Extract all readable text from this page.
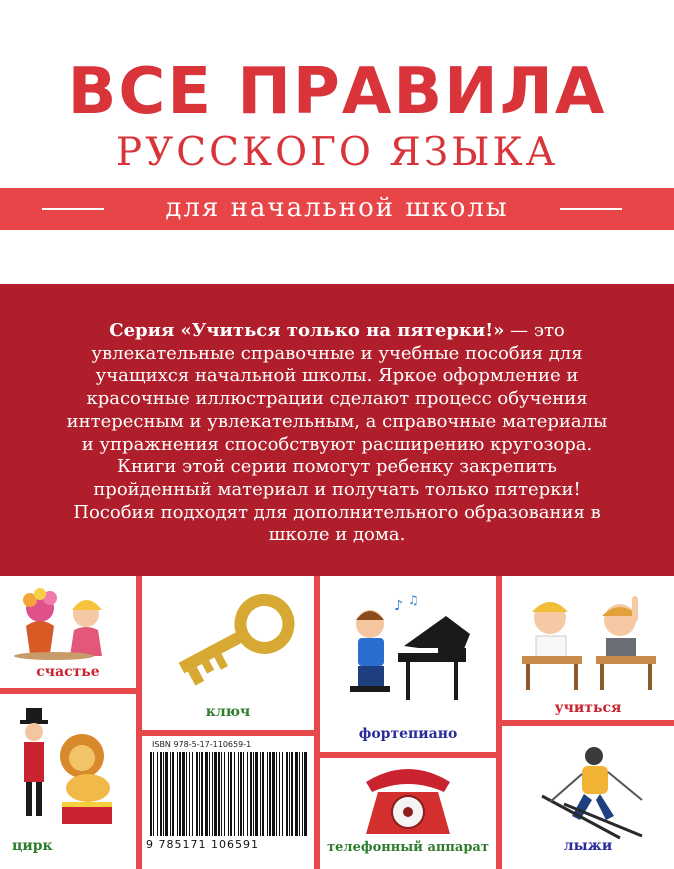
ВСЕ ПРАВИЛА
РУССКОГО ЯЗЫКА
для начальной школы
Серия «Учиться только на пятерки!» — это увлекательные справочные и учебные пособия для учащихся начальной школы. Яркое оформление и красочные иллюстрации сделают процесс обучения интересным и увлекательным, а справочные материалы и упражнения способствуют расширению кругозора. Книги этой серии помогут ребенку закрепить пройденный материал и получать только пятерки! Пособия подходят для дополнительного образования в школе и дома.
счастье
ключ
♪ ♫
фортепиано
учиться
цирк
ISBN 978-5-17-110659-1
9 785171 106591	телефонный аппарат	лыжи
